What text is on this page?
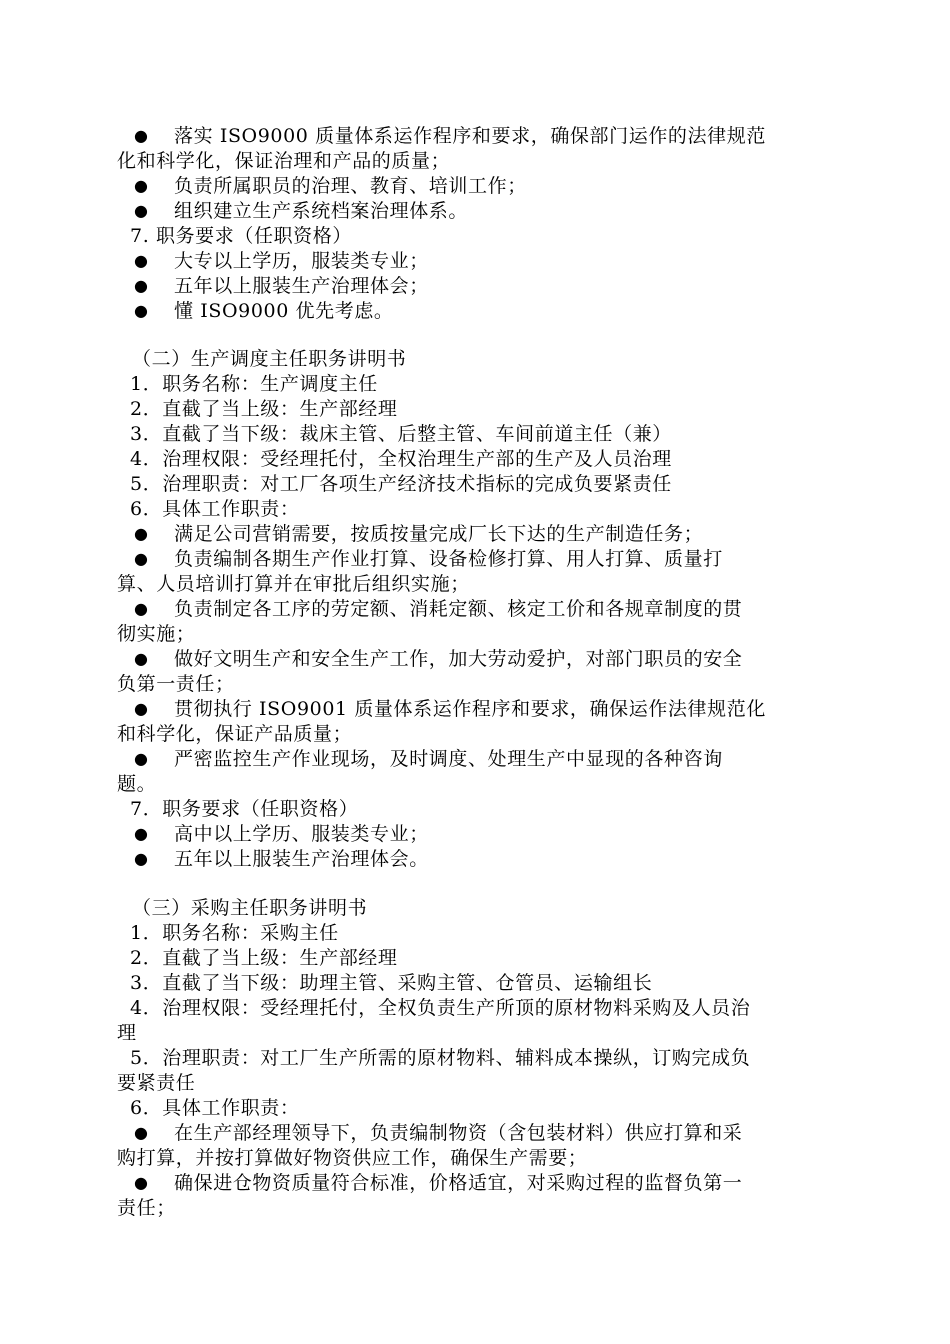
● 落实 ISO9000 质量体系运作程序和要求，确保部门运作的法律规范
化和科学化，保证治理和产品的质量；
● 负责所属职员的治理、教育、培训工作；
● 组织建立生产系统档案治理体系。
7. 职务要求（任职资格）
● 大专以上学历，服装类专业；
● 五年以上服装生产治理体会；
● 懂 ISO9000 优先考虑。
（二）生产调度主任职务讲明书
1．职务名称：生产调度主任
2．直截了当上级：生产部经理
3．直截了当下级：裁床主管、后整主管、车间前道主任（兼）
4．治理权限：受经理托付，全权治理生产部的生产及人员治理
5．治理职责：对工厂各项生产经济技术指标的完成负要紧责任
6．具体工作职责：
● 满足公司营销需要，按质按量完成厂长下达的生产制造任务；
● 负责编制各期生产作业打算、设备检修打算、用人打算、质量打
算、人员培训打算并在审批后组织实施；
● 负责制定各工序的劳定额、消耗定额、核定工价和各规章制度的贯
彻实施；
● 做好文明生产和安全生产工作，加大劳动爱护，对部门职员的安全
负第一责任；
● 贯彻执行 ISO9001 质量体系运作程序和要求，确保运作法律规范化
和科学化，保证产品质量；
● 严密监控生产作业现场，及时调度、处理生产中显现的各种咨询
题。
7．职务要求（任职资格）
● 高中以上学历、服装类专业；
● 五年以上服装生产治理体会。
（三）采购主任职务讲明书
1．职务名称：采购主任
2．直截了当上级：生产部经理
3．直截了当下级：助理主管、采购主管、仓管员、运输组长
4．治理权限：受经理托付，全权负责生产所顶的原材物料采购及人员治
理
5．治理职责：对工厂生产所需的原材物料、辅料成本操纵，订购完成负
要紧责任
6．具体工作职责：
● 在生产部经理领导下，负责编制物资（含包装材料）供应打算和采
购打算，并按打算做好物资供应工作，确保生产需要；
● 确保进仓物资质量符合标准，价格适宜，对采购过程的监督负第一
责任；
